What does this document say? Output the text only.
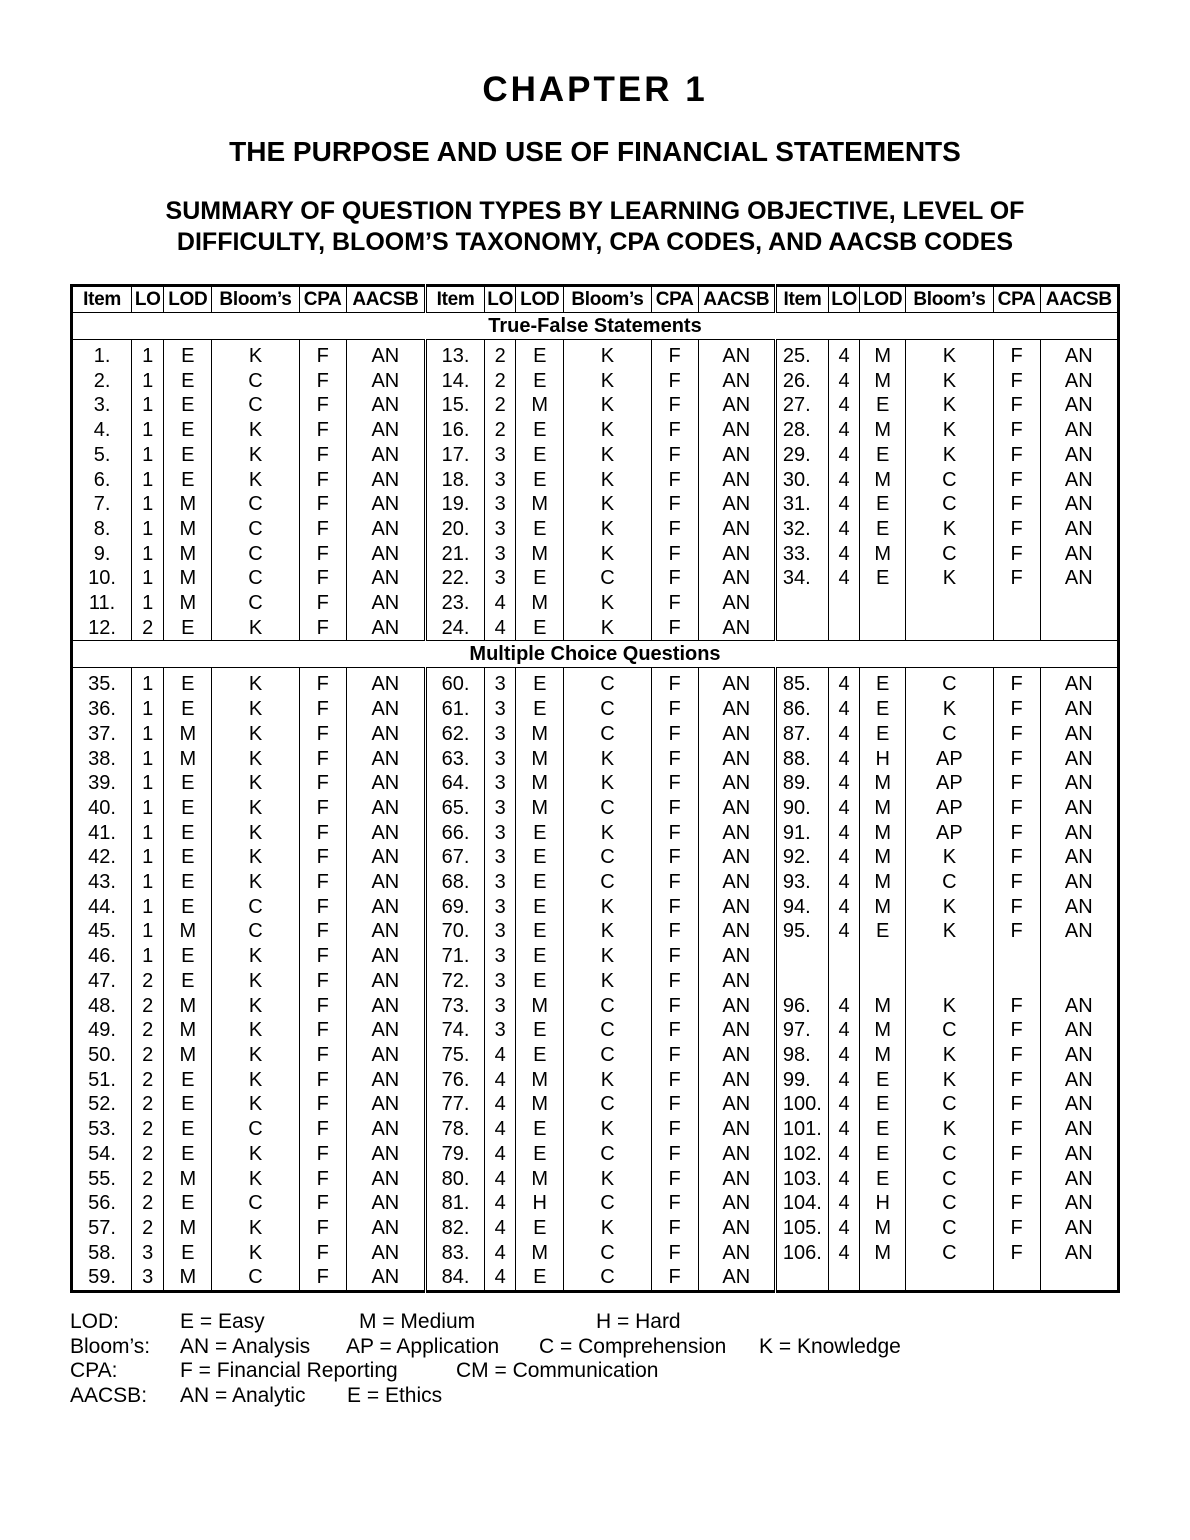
CHAPTER 1
THE PURPOSE AND USE OF FINANCIAL STATEMENTS
SUMMARY OF QUESTION TYPES BY LEARNING OBJECTIVE, LEVEL OF
DIFFICULTY, BLOOM’S TAXONOMY, CPA CODES, AND AACSB CODES
Item	LO	LOD	Bloom’s	CPA	AACSB	Item	LO	LOD	Bloom’s	CPA	AACSB	Item	LO	LOD	Bloom’s	CPA	AACSB
True-False Statements																	
1.	1	E	K	F	AN	13.	2	E	K	F	AN	25.	4	M	K	F	AN
2.	1	E	C	F	AN	14.	2	E	K	F	AN	26.	4	M	K	F	AN
3.	1	E	C	F	AN	15.	2	M	K	F	AN	27.	4	E	K	F	AN
4.	1	E	K	F	AN	16.	2	E	K	F	AN	28.	4	M	K	F	AN
5.	1	E	K	F	AN	17.	3	E	K	F	AN	29.	4	E	K	F	AN
6.	1	E	K	F	AN	18.	3	E	K	F	AN	30.	4	M	C	F	AN
7.	1	M	C	F	AN	19.	3	M	K	F	AN	31.	4	E	C	F	AN
8.	1	M	C	F	AN	20.	3	E	K	F	AN	32.	4	E	K	F	AN
9.	1	M	C	F	AN	21.	3	M	K	F	AN	33.	4	M	C	F	AN
10.	1	M	C	F	AN	22.	3	E	C	F	AN	34.	4	E	K	F	AN
11.	1	M	C	F	AN	23.	4	M	K	F	AN						
12.	2	E	K	F	AN	24.	4	E	K	F	AN						
Multiple Choice Questions																	
35.	1	E	K	F	AN	60.	3	E	C	F	AN	85.	4	E	C	F	AN
36.	1	E	K	F	AN	61.	3	E	C	F	AN	86.	4	E	K	F	AN
37.	1	M	K	F	AN	62.	3	M	C	F	AN	87.	4	E	C	F	AN
38.	1	M	K	F	AN	63.	3	M	K	F	AN	88.	4	H	AP	F	AN
39.	1	E	K	F	AN	64.	3	M	K	F	AN	89.	4	M	AP	F	AN
40.	1	E	K	F	AN	65.	3	M	C	F	AN	90.	4	M	AP	F	AN
41.	1	E	K	F	AN	66.	3	E	K	F	AN	91.	4	M	AP	F	AN
42.	1	E	K	F	AN	67.	3	E	C	F	AN	92.	4	M	K	F	AN
43.	1	E	K	F	AN	68.	3	E	C	F	AN	93.	4	M	C	F	AN
44.	1	E	C	F	AN	69.	3	E	K	F	AN	94.	4	M	K	F	AN
45.	1	M	C	F	AN	70.	3	E	K	F	AN	95.	4	E	K	F	AN
46.	1	E	K	F	AN	71.	3	E	K	F	AN						
47.	2	E	K	F	AN	72.	3	E	K	F	AN						
48.	2	M	K	F	AN	73.	3	M	C	F	AN	96.	4	M	K	F	AN
49.	2	M	K	F	AN	74.	3	E	C	F	AN	97.	4	M	C	F	AN
50.	2	M	K	F	AN	75.	4	E	C	F	AN	98.	4	M	K	F	AN
51.	2	E	K	F	AN	76.	4	M	K	F	AN	99.	4	E	K	F	AN
52.	2	E	K	F	AN	77.	4	M	C	F	AN	100.	4	E	C	F	AN
53.	2	E	C	F	AN	78.	4	E	K	F	AN	101.	4	E	K	F	AN
54.	2	E	K	F	AN	79.	4	E	C	F	AN	102.	4	E	C	F	AN
55.	2	M	K	F	AN	80.	4	M	K	F	AN	103.	4	E	C	F	AN
56.	2	E	C	F	AN	81.	4	H	C	F	AN	104.	4	H	C	F	AN
57.	2	M	K	F	AN	82.	4	E	K	F	AN	105.	4	M	C	F	AN
58.	3	E	K	F	AN	83.	4	M	C	F	AN	106.	4	M	C	F	AN
59.	3	M	C	F	AN	84.	4	E	C	F	AN						
LOD:	E = Easy	M = Medium	H = Hard
Bloom’s: AN = Analysis AP = Application C = Comprehension K = Knowledge
CPA:	F = Financial Reporting	CM = Communication
AACSB: AN = Analytic E = Ethics
